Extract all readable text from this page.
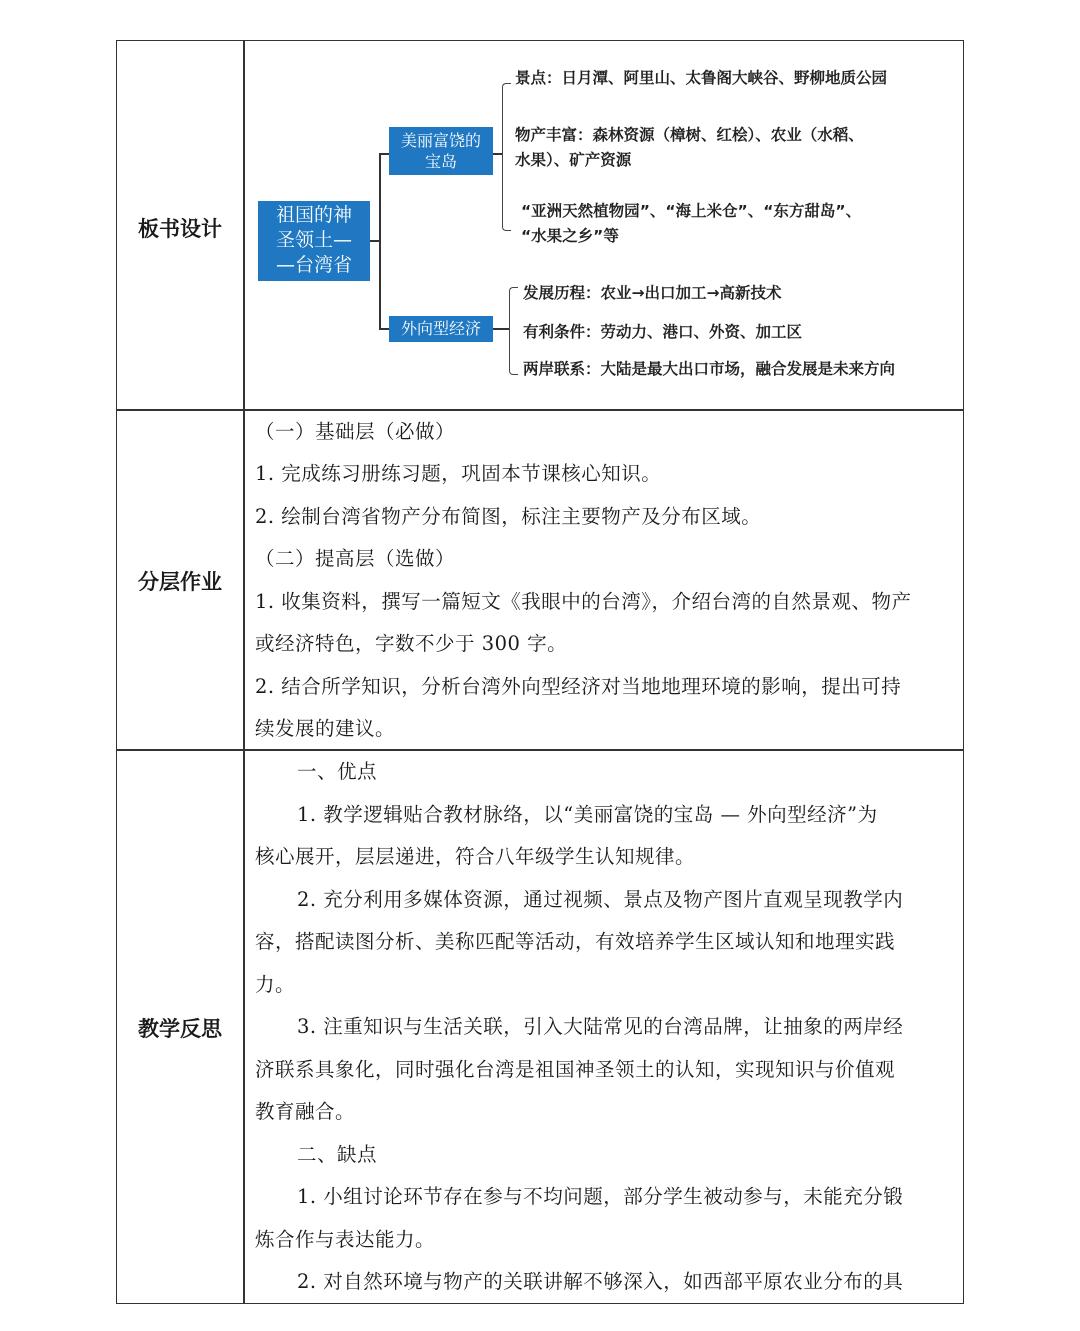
板书设计
祖国的神
圣领土—
—台湾省
美丽富饶的
宝岛
外向型经济
景点：日月潭、阿里山、太鲁阁大峡谷、野柳地质公园
物产丰富：森林资源（樟树、红桧）、农业（水稻、
水果）、矿产资源
“亚洲天然植物园”、“海上米仓”、“东方甜岛”、
“水果之乡”等
发展历程：农业→出口加工→高新技术
有利条件：劳动力、港口、外资、加工区
两岸联系：大陆是最大出口市场，融合发展是未来方向
分层作业
（一）基础层（必做）
1. 完成练习册练习题，巩固本节课核心知识。
2. 绘制台湾省物产分布简图，标注主要物产及分布区域。
（二）提高层（选做）
1. 收集资料，撰写一篇短文《我眼中的台湾》，介绍台湾的自然景观、物产
或经济特色，字数不少于 300 字。
2. 结合所学知识，分析台湾外向型经济对当地地理环境的影响，提出可持
续发展的建议。
教学反思
一、优点
1. 教学逻辑贴合教材脉络，以“美丽富饶的宝岛 — 外向型经济”为
核心展开，层层递进，符合八年级学生认知规律。
2. 充分利用多媒体资源，通过视频、景点及物产图片直观呈现教学内
容，搭配读图分析、美称匹配等活动，有效培养学生区域认知和地理实践
力。
3. 注重知识与生活关联，引入大陆常见的台湾品牌，让抽象的两岸经
济联系具象化，同时强化台湾是祖国神圣领土的认知，实现知识与价值观
教育融合。
二、缺点
1. 小组讨论环节存在参与不均问题，部分学生被动参与，未能充分锻
炼合作与表达能力。
2. 对自然环境与物产的关联讲解不够深入，如西部平原农业分布的具
